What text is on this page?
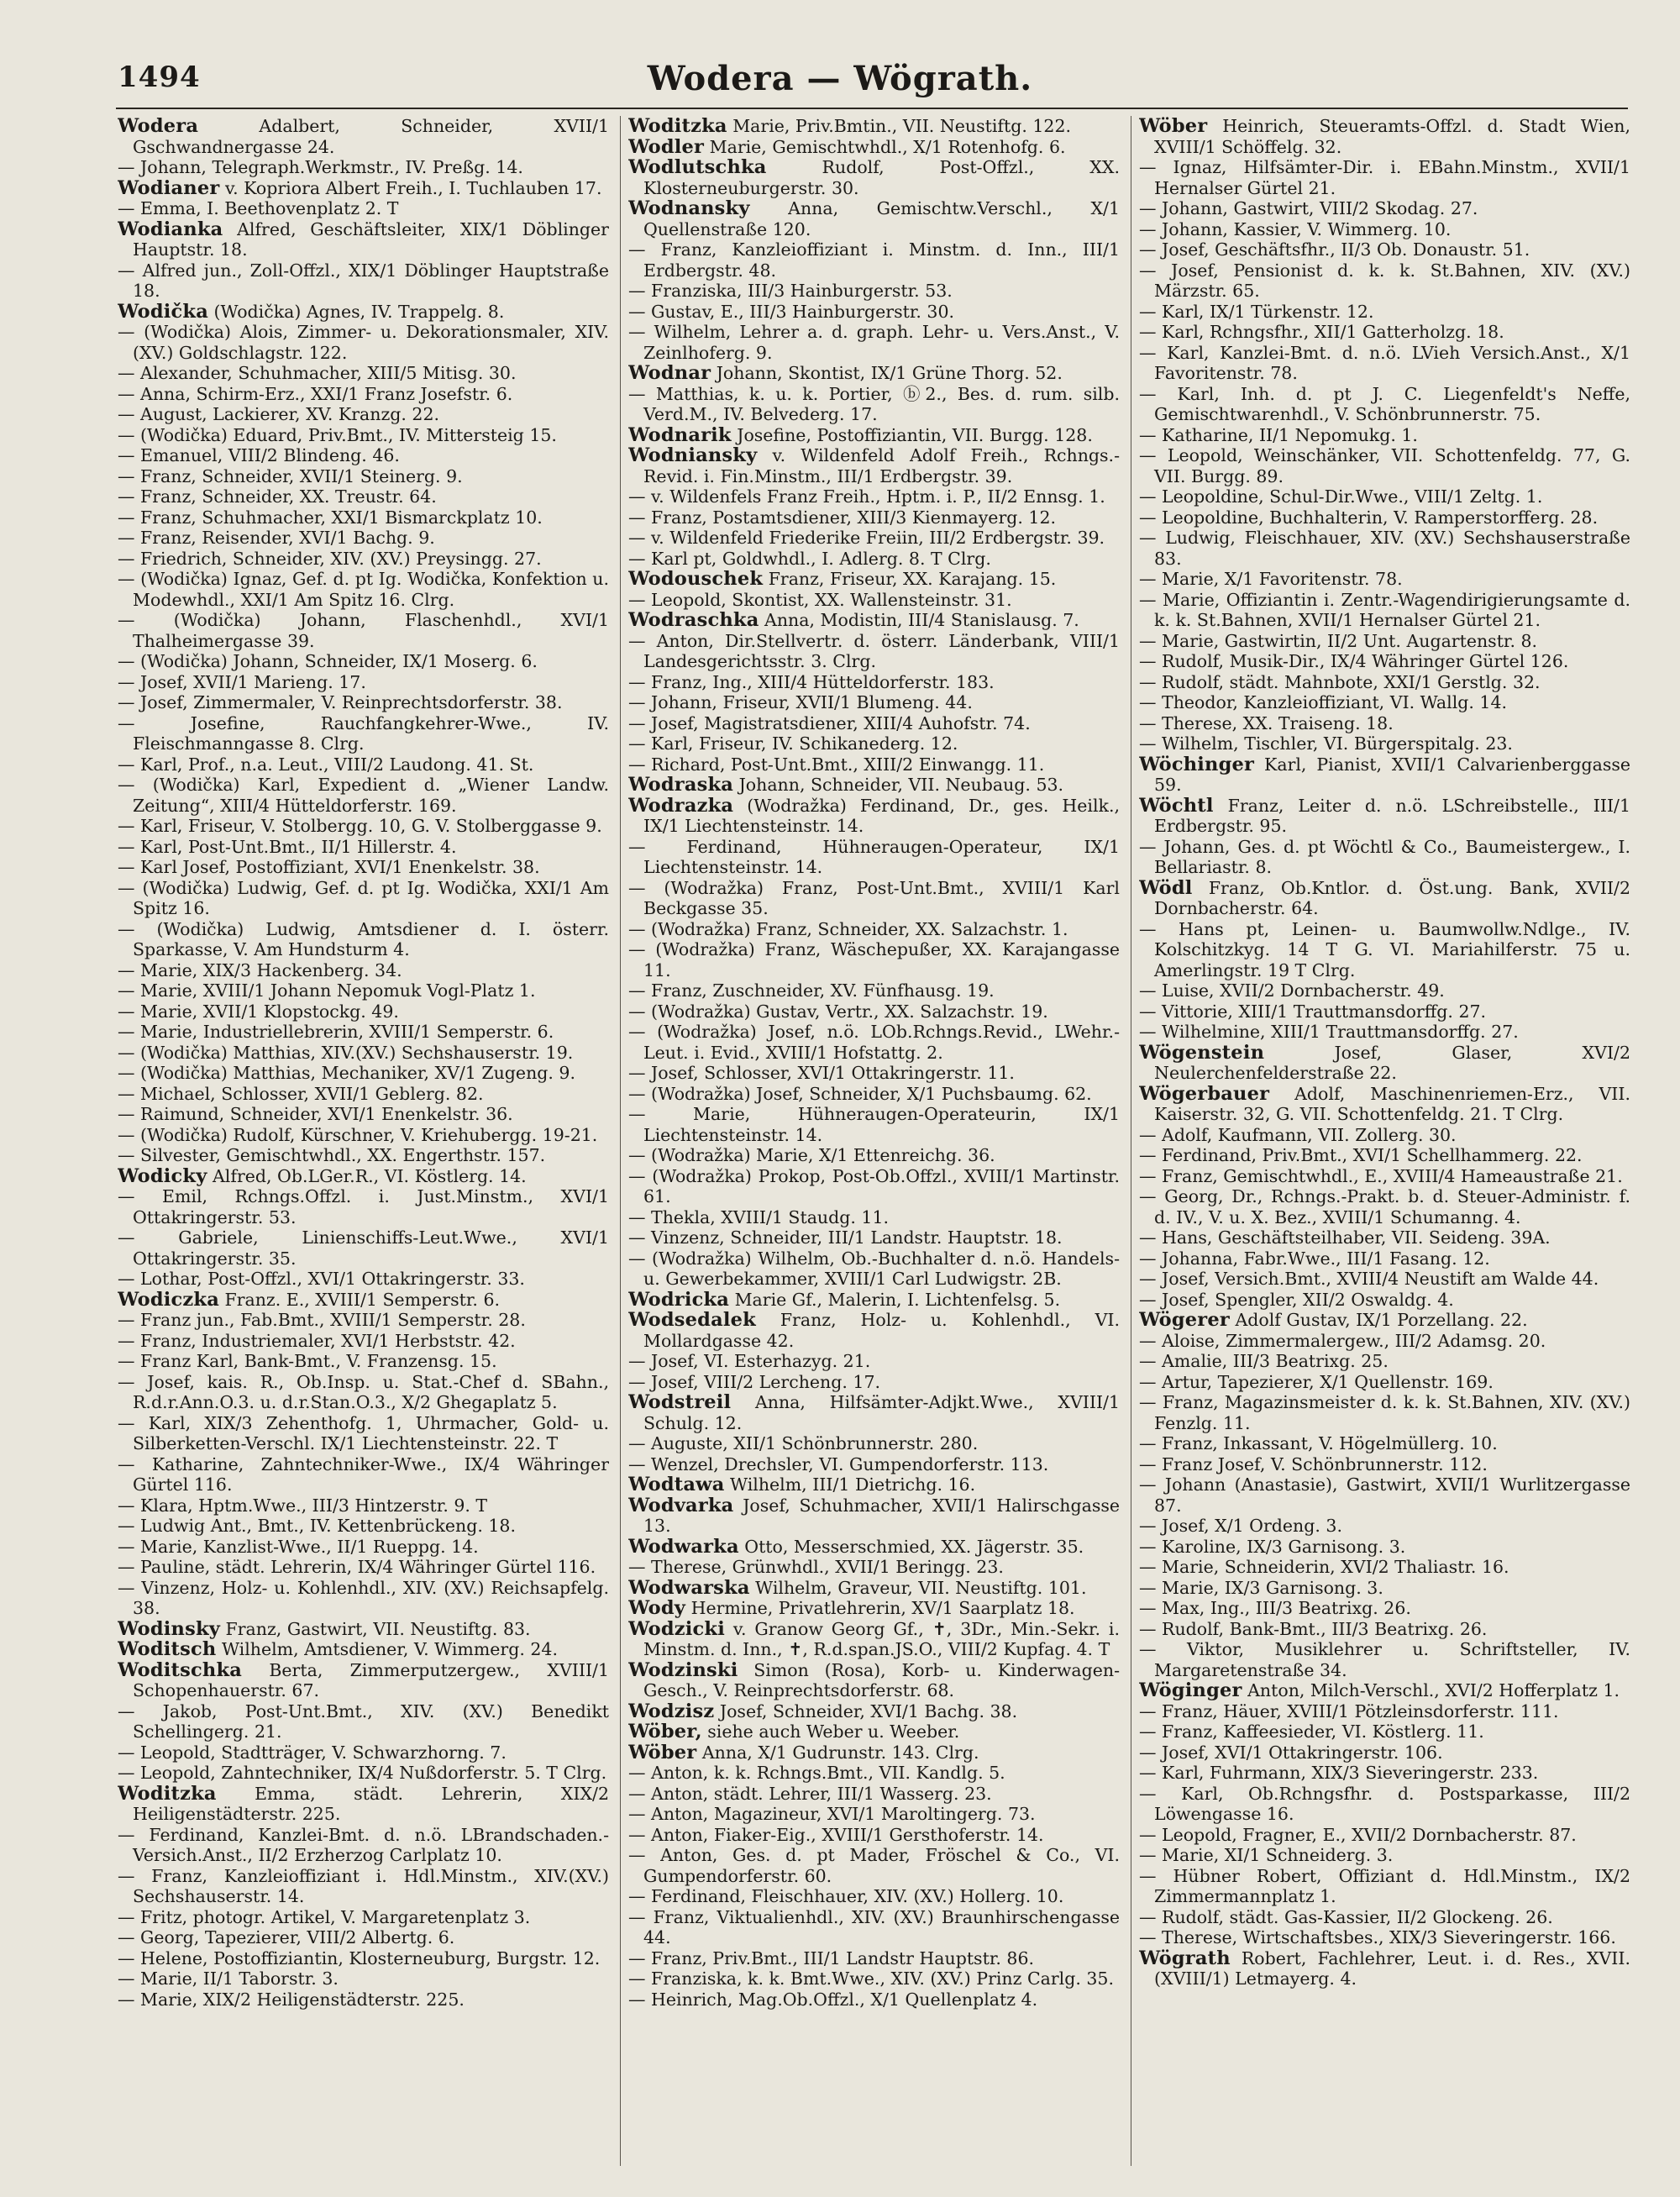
1494	Wodera — Wögrath.

Wodera Adalbert, Schneider, XVII/1 Gschwandnergasse 24.

— Johann, Telegraph.Werkmstr., IV. Preßg. 14.

Wodianer v. Kopriora Albert Freih., I. Tuchlauben 17.

— Emma, I. Beethovenplatz 2. T

Wodianka Alfred, Geschäftsleiter, XIX/1 Döblinger Hauptstr. 18.

— Alfred jun., Zoll-Offzl., XIX/1 Döblinger Hauptstraße 18.

Wodička (Wodička) Agnes, IV. Trappelg. 8.

— (Wodička) Alois, Zimmer- u. Dekorationsmaler, XIV. (XV.) Goldschlagstr. 122.

— Alexander, Schuhmacher, XIII/5 Mitisg. 30.

— Anna, Schirm-Erz., XXI/1 Franz Josefstr. 6.

— August, Lackierer, XV. Kranzg. 22.

— (Wodička) Eduard, Priv.Bmt., IV. Mittersteig 15.

— Emanuel, VIII/2 Blindeng. 46.

— Franz, Schneider, XVII/1 Steinerg. 9.

— Franz, Schneider, XX. Treustr. 64.

— Franz, Schuhmacher, XXI/1 Bismarckplatz 10.

— Franz, Reisender, XVI/1 Bachg. 9.

— Friedrich, Schneider, XIV. (XV.) Preysingg. 27.

— (Wodička) Ignaz, Gef. d. pt Ig. Wodička, Konfektion u. Modewhdl., XXI/1 Am Spitz 16. Clrg.

— (Wodička) Johann, Flaschenhdl., XVI/1 Thalheimergasse 39.

— (Wodička) Johann, Schneider, IX/1 Moserg. 6.

— Josef, XVII/1 Marieng. 17.

— Josef, Zimmermaler, V. Reinprechtsdorferstr. 38.

— Josefine, Rauchfangkehrer-Wwe., IV. Fleischmanngasse 8. Clrg.

— Karl, Prof., n.a. Leut., VIII/2 Laudong. 41. St.

— (Wodička) Karl, Expedient d. „Wiener Landw. Zeitung“, XIII/4 Hütteldorferstr. 169.

— Karl, Friseur, V. Stolbergg. 10, G. V. Stolberggasse 9.

— Karl, Post-Unt.Bmt., II/1 Hillerstr. 4.

— Karl Josef, Postoffiziant, XVI/1 Enenkelstr. 38.

— (Wodička) Ludwig, Gef. d. pt Ig. Wodička, XXI/1 Am Spitz 16.

— (Wodička) Ludwig, Amtsdiener d. I. österr. Sparkasse, V. Am Hundsturm 4.

— Marie, XIX/3 Hackenberg. 34.

— Marie, XVIII/1 Johann Nepomuk Vogl-Platz 1.

— Marie, XVII/1 Klopstockg. 49.

— Marie, Industriellebrerin, XVIII/1 Semperstr. 6.

— (Wodička) Matthias, XIV.(XV.) Sechshauserstr. 19.

— (Wodička) Matthias, Mechaniker, XV/1 Zugeng. 9.

— Michael, Schlosser, XVII/1 Geblerg. 82.

— Raimund, Schneider, XVI/1 Enenkelstr. 36.

— (Wodička) Rudolf, Kürschner, V. Kriehubergg. 19-21.

— Silvester, Gemischtwhdl., XX. Engerthstr. 157.

Wodicky Alfred, Ob.LGer.R., VI. Köstlerg. 14.

— Emil, Rchngs.Offzl. i. Just.Minstm., XVI/1 Ottakringerstr. 53.

— Gabriele, Linienschiffs-Leut.Wwe., XVI/1 Ottakringerstr. 35.

— Lothar, Post-Offzl., XVI/1 Ottakringerstr. 33.

Wodiczka Franz. E., XVIII/1 Semperstr. 6.

— Franz jun., Fab.Bmt., XVIII/1 Semperstr. 28.

— Franz, Industriemaler, XVI/1 Herbststr. 42.

— Franz Karl, Bank-Bmt., V. Franzensg. 15.

— Josef, kais. R., Ob.Insp. u. Stat.-Chef d. SBahn., R.d.r.Ann.O.3. u. d.r.Stan.O.3., X/2 Ghegaplatz 5.

— Karl, XIX/3 Zehenthofg. 1, Uhrmacher, Gold- u. Silberketten-Verschl. IX/1 Liechtensteinstr. 22. T

— Katharine, Zahntechniker-Wwe., IX/4 Währinger Gürtel 116.

— Klara, Hptm.Wwe., III/3 Hintzerstr. 9. T

— Ludwig Ant., Bmt., IV. Kettenbrückeng. 18.

— Marie, Kanzlist-Wwe., II/1 Rueppg. 14.

— Pauline, städt. Lehrerin, IX/4 Währinger Gürtel 116.

— Vinzenz, Holz- u. Kohlenhdl., XIV. (XV.) Reichsapfelg. 38.

Wodinsky Franz, Gastwirt, VII. Neustiftg. 83.

Woditsch Wilhelm, Amtsdiener, V. Wimmerg. 24.

Woditschka Berta, Zimmerputzergew., XVIII/1 Schopenhauerstr. 67.

— Jakob, Post-Unt.Bmt., XIV. (XV.) Benedikt Schellingerg. 21.

— Leopold, Stadtträger, V. Schwarzhorng. 7.

— Leopold, Zahntechniker, IX/4 Nußdorferstr. 5. T Clrg.

Woditzka Emma, städt. Lehrerin, XIX/2 Heiligenstädterstr. 225.

— Ferdinand, Kanzlei-Bmt. d. n.ö. LBrandschaden.-Versich.Anst., II/2 Erzherzog Carlplatz 10.

— Franz, Kanzleioffiziant i. Hdl.Minstm., XIV.(XV.) Sechshauserstr. 14.

— Fritz, photogr. Artikel, V. Margaretenplatz 3.

— Georg, Tapezierer, VIII/2 Albertg. 6.

— Helene, Postoffiziantin, Klosterneuburg, Burgstr. 12.

— Marie, II/1 Taborstr. 3.

— Marie, XIX/2 Heiligenstädterstr. 225.

Woditzka Marie, Priv.Bmtin., VII. Neustiftg. 122.

Wodler Marie, Gemischtwhdl., X/1 Rotenhofg. 6.

Wodlutschka Rudolf, Post-Offzl., XX. Klosterneuburgerstr. 30.

Wodnansky Anna, Gemischtw.Verschl., X/1 Quellenstraße 120.

— Franz, Kanzleioffiziant i. Minstm. d. Inn., III/1 Erdbergstr. 48.

— Franziska, III/3 Hainburgerstr. 53.

— Gustav, E., III/3 Hainburgerstr. 30.

— Wilhelm, Lehrer a. d. graph. Lehr- u. Vers.Anst., V. Zeinlhoferg. 9.

Wodnar Johann, Skontist, IX/1 Grüne Thorg. 52.

— Matthias, k. u. k. Portier, ⓑ2., Bes. d. rum. silb. Verd.M., IV. Belvederg. 17.

Wodnarik Josefine, Postoffiziantin, VII. Burgg. 128.

Wodniansky v. Wildenfeld Adolf Freih., Rchngs.-Revid. i. Fin.Minstm., III/1 Erdbergstr. 39.

— v. Wildenfels Franz Freih., Hptm. i. P., II/2 Ennsg. 1.

— Franz, Postamtsdiener, XIII/3 Kienmayerg. 12.

— v. Wildenfeld Friederike Freiin, III/2 Erdbergstr. 39.

— Karl pt, Goldwhdl., I. Adlerg. 8. T Clrg.

Wodouschek Franz, Friseur, XX. Karajang. 15.

— Leopold, Skontist, XX. Wallensteinstr. 31.

Wodraschka Anna, Modistin, III/4 Stanislausg. 7.

— Anton, Dir.Stellvertr. d. österr. Länderbank, VIII/1 Landesgerichtsstr. 3. Clrg.

— Franz, Ing., XIII/4 Hütteldorferstr. 183.

— Johann, Friseur, XVII/1 Blumeng. 44.

— Josef, Magistratsdiener, XIII/4 Auhofstr. 74.

— Karl, Friseur, IV. Schikanederg. 12.

— Richard, Post-Unt.Bmt., XIII/2 Einwangg. 11.

Wodraska Johann, Schneider, VII. Neubaug. 53.

Wodrazka (Wodražka) Ferdinand, Dr., ges. Heilk., IX/1 Liechtensteinstr. 14.

— Ferdinand, Hühneraugen-Operateur, IX/1 Liechtensteinstr. 14.

— (Wodražka) Franz, Post-Unt.Bmt., XVIII/1 Karl Beckgasse 35.

— (Wodražka) Franz, Schneider, XX. Salzachstr. 1.

— (Wodražka) Franz, Wäschepußer, XX. Karajangasse 11.

— Franz, Zuschneider, XV. Fünfhausg. 19.

— (Wodražka) Gustav, Vertr., XX. Salzachstr. 19.

— (Wodražka) Josef, n.ö. LOb.Rchngs.Revid., LWehr.-Leut. i. Evid., XVIII/1 Hofstattg. 2.

— Josef, Schlosser, XVI/1 Ottakringerstr. 11.

— (Wodražka) Josef, Schneider, X/1 Puchsbaumg. 62.

— Marie, Hühneraugen-Operateurin, IX/1 Liechtensteinstr. 14.

— (Wodražka) Marie, X/1 Ettenreichg. 36.

— (Wodražka) Prokop, Post-Ob.Offzl., XVIII/1 Martinstr. 61.

— Thekla, XVIII/1 Staudg. 11.

— Vinzenz, Schneider, III/1 Landstr. Hauptstr. 18.

— (Wodražka) Wilhelm, Ob.-Buchhalter d. n.ö. Handels- u. Gewerbekammer, XVIII/1 Carl Ludwigstr. 2B.

Wodricka Marie Gf., Malerin, I. Lichtenfelsg. 5.

Wodsedalek Franz, Holz- u. Kohlenhdl., VI. Mollardgasse 42.

— Josef, VI. Esterhazyg. 21.

— Josef, VIII/2 Lercheng. 17.

Wodstreil Anna, Hilfsämter-Adjkt.Wwe., XVIII/1 Schulg. 12.

— Auguste, XII/1 Schönbrunnerstr. 280.

— Wenzel, Drechsler, VI. Gumpendorferstr. 113.

Wodtawa Wilhelm, III/1 Dietrichg. 16.

Wodvarka Josef, Schuhmacher, XVII/1 Halirschgasse 13.

Wodwarka Otto, Messerschmied, XX. Jägerstr. 35.

— Therese, Grünwhdl., XVII/1 Beringg. 23.

Wodwarska Wilhelm, Graveur, VII. Neustiftg. 101.

Wody Hermine, Privatlehrerin, XV/1 Saarplatz 18.

Wodzicki v. Granow Georg Gf., ✝, 3Dr., Min.-Sekr. i. Minstm. d. Inn., ✝, R.d.span.JS.O., VIII/2 Kupfag. 4. T

Wodzinski Simon (Rosa), Korb- u. Kinderwagen-Gesch., V. Reinprechtsdorferstr. 68.

Wodzisz Josef, Schneider, XVI/1 Bachg. 38.

Wöber, siehe auch Weber u. Weeber.

Wöber Anna, X/1 Gudrunstr. 143. Clrg.

— Anton, k. k. Rchngs.Bmt., VII. Kandlg. 5.

— Anton, städt. Lehrer, III/1 Wasserg. 23.

— Anton, Magazineur, XVI/1 Maroltingerg. 73.

— Anton, Fiaker-Eig., XVIII/1 Gersthoferstr. 14.

— Anton, Ges. d. pt Mader, Fröschel & Co., VI. Gumpendorferstr. 60.

— Ferdinand, Fleischhauer, XIV. (XV.) Hollerg. 10.

— Franz, Viktualienhdl., XIV. (XV.) Braunhirschengasse 44.

— Franz, Priv.Bmt., III/1 Landstr Hauptstr. 86.

— Franziska, k. k. Bmt.Wwe., XIV. (XV.) Prinz Carlg. 35.

— Heinrich, Mag.Ob.Offzl., X/1 Quellenplatz 4.

Wöber Heinrich, Steueramts-Offzl. d. Stadt Wien, XVIII/1 Schöffelg. 32.

— Ignaz, Hilfsämter-Dir. i. EBahn.Minstm., XVII/1 Hernalser Gürtel 21.

— Johann, Gastwirt, VIII/2 Skodag. 27.

— Johann, Kassier, V. Wimmerg. 10.

— Josef, Geschäftsfhr., II/3 Ob. Donaustr. 51.

— Josef, Pensionist d. k. k. St.Bahnen, XIV. (XV.) Märzstr. 65.

— Karl, IX/1 Türkenstr. 12.

— Karl, Rchngsfhr., XII/1 Gatterholzg. 18.

— Karl, Kanzlei-Bmt. d. n.ö. LVieh Versich.Anst., X/1 Favoritenstr. 78.

— Karl, Inh. d. pt J. C. Liegenfeldt's Neffe, Gemischtwarenhdl., V. Schönbrunnerstr. 75.

— Katharine, II/1 Nepomukg. 1.

— Leopold, Weinschänker, VII. Schottenfeldg. 77, G. VII. Burgg. 89.

— Leopoldine, Schul-Dir.Wwe., VIII/1 Zeltg. 1.

— Leopoldine, Buchhalterin, V. Ramperstorfferg. 28.

— Ludwig, Fleischhauer, XIV. (XV.) Sechshauserstraße 83.

— Marie, X/1 Favoritenstr. 78.

— Marie, Offiziantin i. Zentr.-Wagendirigierungsamte d. k. k. St.Bahnen, XVII/1 Hernalser Gürtel 21.

— Marie, Gastwirtin, II/2 Unt. Augartenstr. 8.

— Rudolf, Musik-Dir., IX/4 Währinger Gürtel 126.

— Rudolf, städt. Mahnbote, XXI/1 Gerstlg. 32.

— Theodor, Kanzleioffiziant, VI. Wallg. 14.

— Therese, XX. Traiseng. 18.

— Wilhelm, Tischler, VI. Bürgerspitalg. 23.

Wöchinger Karl, Pianist, XVII/1 Calvarienberggasse 59.

Wöchtl Franz, Leiter d. n.ö. LSchreibstelle., III/1 Erdbergstr. 95.

— Johann, Ges. d. pt Wöchtl & Co., Baumeistergew., I. Bellariastr. 8.

Wödl Franz, Ob.Kntlor. d. Öst.ung. Bank, XVII/2 Dornbacherstr. 64.

— Hans pt, Leinen- u. Baumwollw.Ndlge., IV. Kolschitzkyg. 14 T G. VI. Mariahilferstr. 75 u. Amerlingstr. 19 T Clrg.

— Luise, XVII/2 Dornbacherstr. 49.

— Vittorie, XIII/1 Trauttmansdorffg. 27.

— Wilhelmine, XIII/1 Trauttmansdorffg. 27.

Wögenstein Josef, Glaser, XVI/2 Neulerchenfelderstraße 22.

Wögerbauer Adolf, Maschinenriemen-Erz., VII. Kaiserstr. 32, G. VII. Schottenfeldg. 21. T Clrg.

— Adolf, Kaufmann, VII. Zollerg. 30.

— Ferdinand, Priv.Bmt., XVI/1 Schellhammerg. 22.

— Franz, Gemischtwhdl., E., XVIII/4 Hameaustraße 21.

— Georg, Dr., Rchngs.-Prakt. b. d. Steuer-Administr. f. d. IV., V. u. X. Bez., XVIII/1 Schumanng. 4.

— Hans, Geschäftsteilhaber, VII. Seideng. 39A.

— Johanna, Fabr.Wwe., III/1 Fasang. 12.

— Josef, Versich.Bmt., XVIII/4 Neustift am Walde 44.

— Josef, Spengler, XII/2 Oswaldg. 4.

Wögerer Adolf Gustav, IX/1 Porzellang. 22.

— Aloise, Zimmermalergew., III/2 Adamsg. 20.

— Amalie, III/3 Beatrixg. 25.

— Artur, Tapezierer, X/1 Quellenstr. 169.

— Franz, Magazinsmeister d. k. k. St.Bahnen, XIV. (XV.) Fenzlg. 11.

— Franz, Inkassant, V. Högelmüllerg. 10.

— Franz Josef, V. Schönbrunnerstr. 112.

— Johann (Anastasie), Gastwirt, XVII/1 Wurlitzergasse 87.

— Josef, X/1 Ordeng. 3.

— Karoline, IX/3 Garnisong. 3.

— Marie, Schneiderin, XVI/2 Thaliastr. 16.

— Marie, IX/3 Garnisong. 3.

— Max, Ing., III/3 Beatrixg. 26.

— Rudolf, Bank-Bmt., III/3 Beatrixg. 26.

— Viktor, Musiklehrer u. Schriftsteller, IV. Margaretenstraße 34.

Wöginger Anton, Milch-Verschl., XVI/2 Hofferplatz 1.

— Franz, Häuer, XVIII/1 Pötzleinsdorferstr. 111.

— Franz, Kaffeesieder, VI. Köstlerg. 11.

— Josef, XVI/1 Ottakringerstr. 106.

— Karl, Fuhrmann, XIX/3 Sieveringerstr. 233.

— Karl, Ob.Rchngsfhr. d. Postsparkasse, III/2 Löwengasse 16.

— Leopold, Fragner, E., XVII/2 Dornbacherstr. 87.

— Marie, XI/1 Schneiderg. 3.

— Hübner Robert, Offiziant d. Hdl.Minstm., IX/2 Zimmermannplatz 1.

— Rudolf, städt. Gas-Kassier, II/2 Glockeng. 26.

— Therese, Wirtschaftsbes., XIX/3 Sieveringerstr. 166.

Wögrath Robert, Fachlehrer, Leut. i. d. Res., XVII. (XVIII/1) Letmayerg. 4.
